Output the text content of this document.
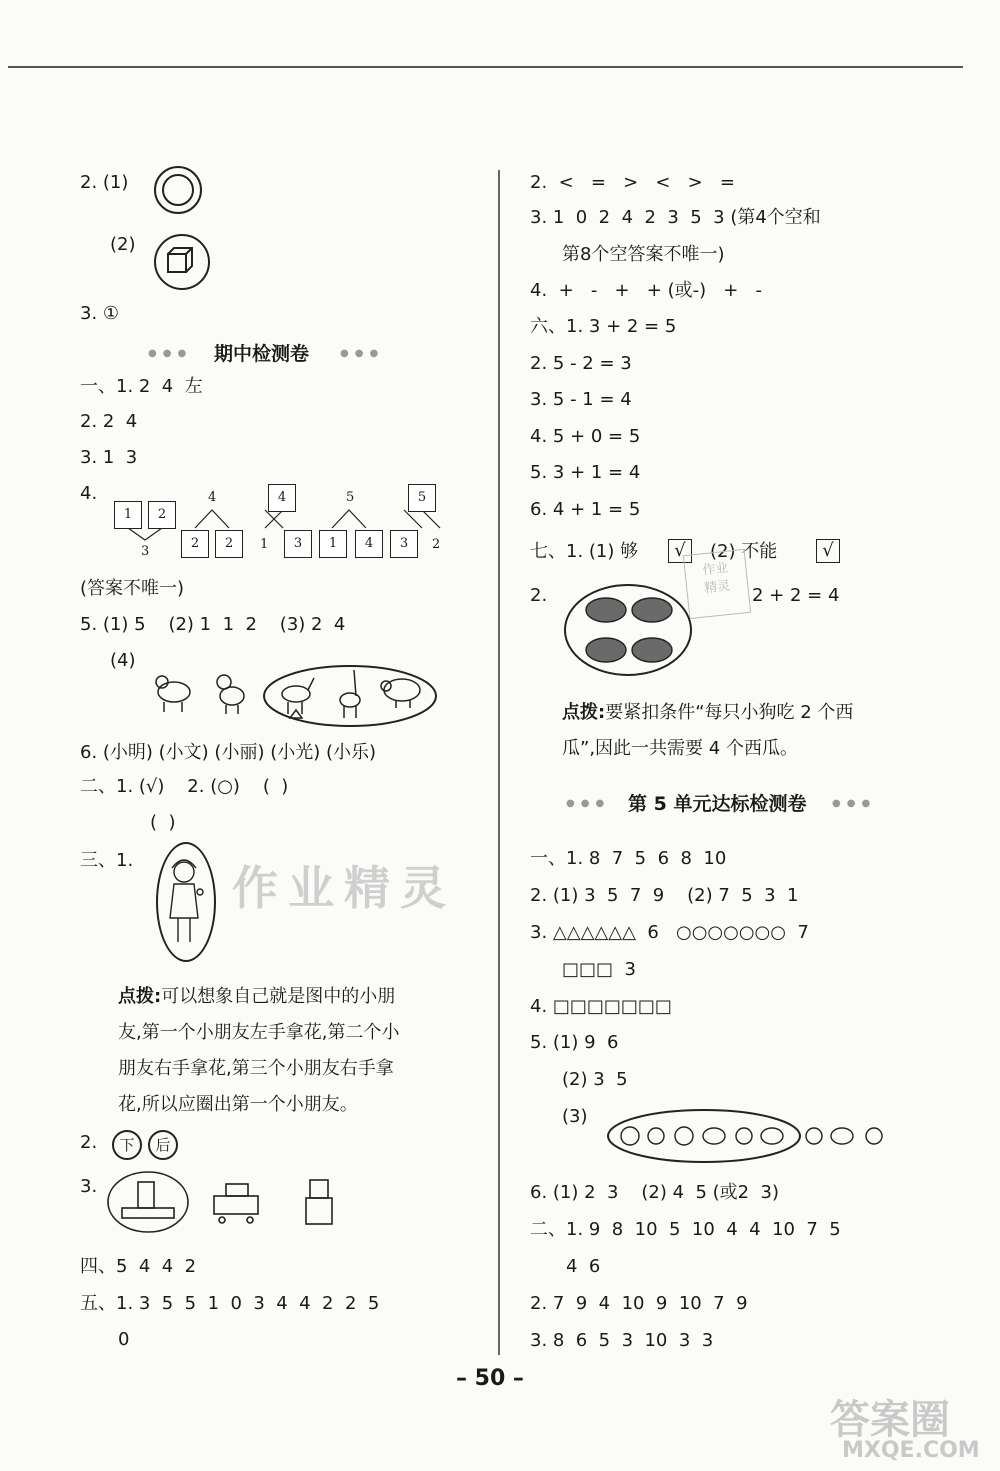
2. (1)
(2)
3. ①
●●● 期中检测卷	●●●
一、1. 2  4  左
2. 2  4
3. 1  3
4.
1	2
3
4
2	2
4
1	3
5
1	4
5
3	2
(答案不唯一)
5. (1) 5    (2) 1  1  2    (3) 2  4
(4)
6. (小明) (小文) (小丽) (小光) (小乐)
二、1. (√)    2. (○)    (  )
(  )
三、1.
作业精灵
点拨:可以想象自己就是图中的小朋
友,第一个小朋友左手拿花,第二个小
朋友右手拿花,第三个小朋友右手拿
花,所以应圈出第一个小朋友。
2.	下	后
3.
四、5  4  4  2
五、1. 3  5  5  1  0  3  4  4  2  2  5
0
2.  <   =   >   <   >   =
3. 1  0  2  4  2  3  5  3 (第4个空和
第8个空答案不唯一)
4.  +   -   +   + (或-)   +   -
六、1. 3 + 2 = 5
2. 5 - 2 = 3
3. 5 - 1 = 4
4. 5 + 0 = 5
5. 3 + 1 = 4
6. 4 + 1 = 5
七、1. (1) 够	√	(2) 不能	√
作业
精灵
2.	2 + 2 = 4
点拨:要紧扣条件“每只小狗吃 2 个西
瓜”,因此一共需要 4 个西瓜。
●●● 第 5 单元达标检测卷	●●●
一、1. 8  7  5  6  8  10
2. (1) 3  5  7  9    (2) 7  5  3  1
3. △△△△△△  6   ○○○○○○○  7
□□□  3
4. □□□□□□□
5. (1) 9  6
(2) 3  5
(3)
6. (1) 2  3    (2) 4  5 (或2  3)
二、1. 9  8  10  5  10  4  4  10  7  5
4  6
2. 7  9  4  10  9  10  7  9
3. 8  6  5  3  10  3  3
– 50 –
答案圈
MXQE.COM
